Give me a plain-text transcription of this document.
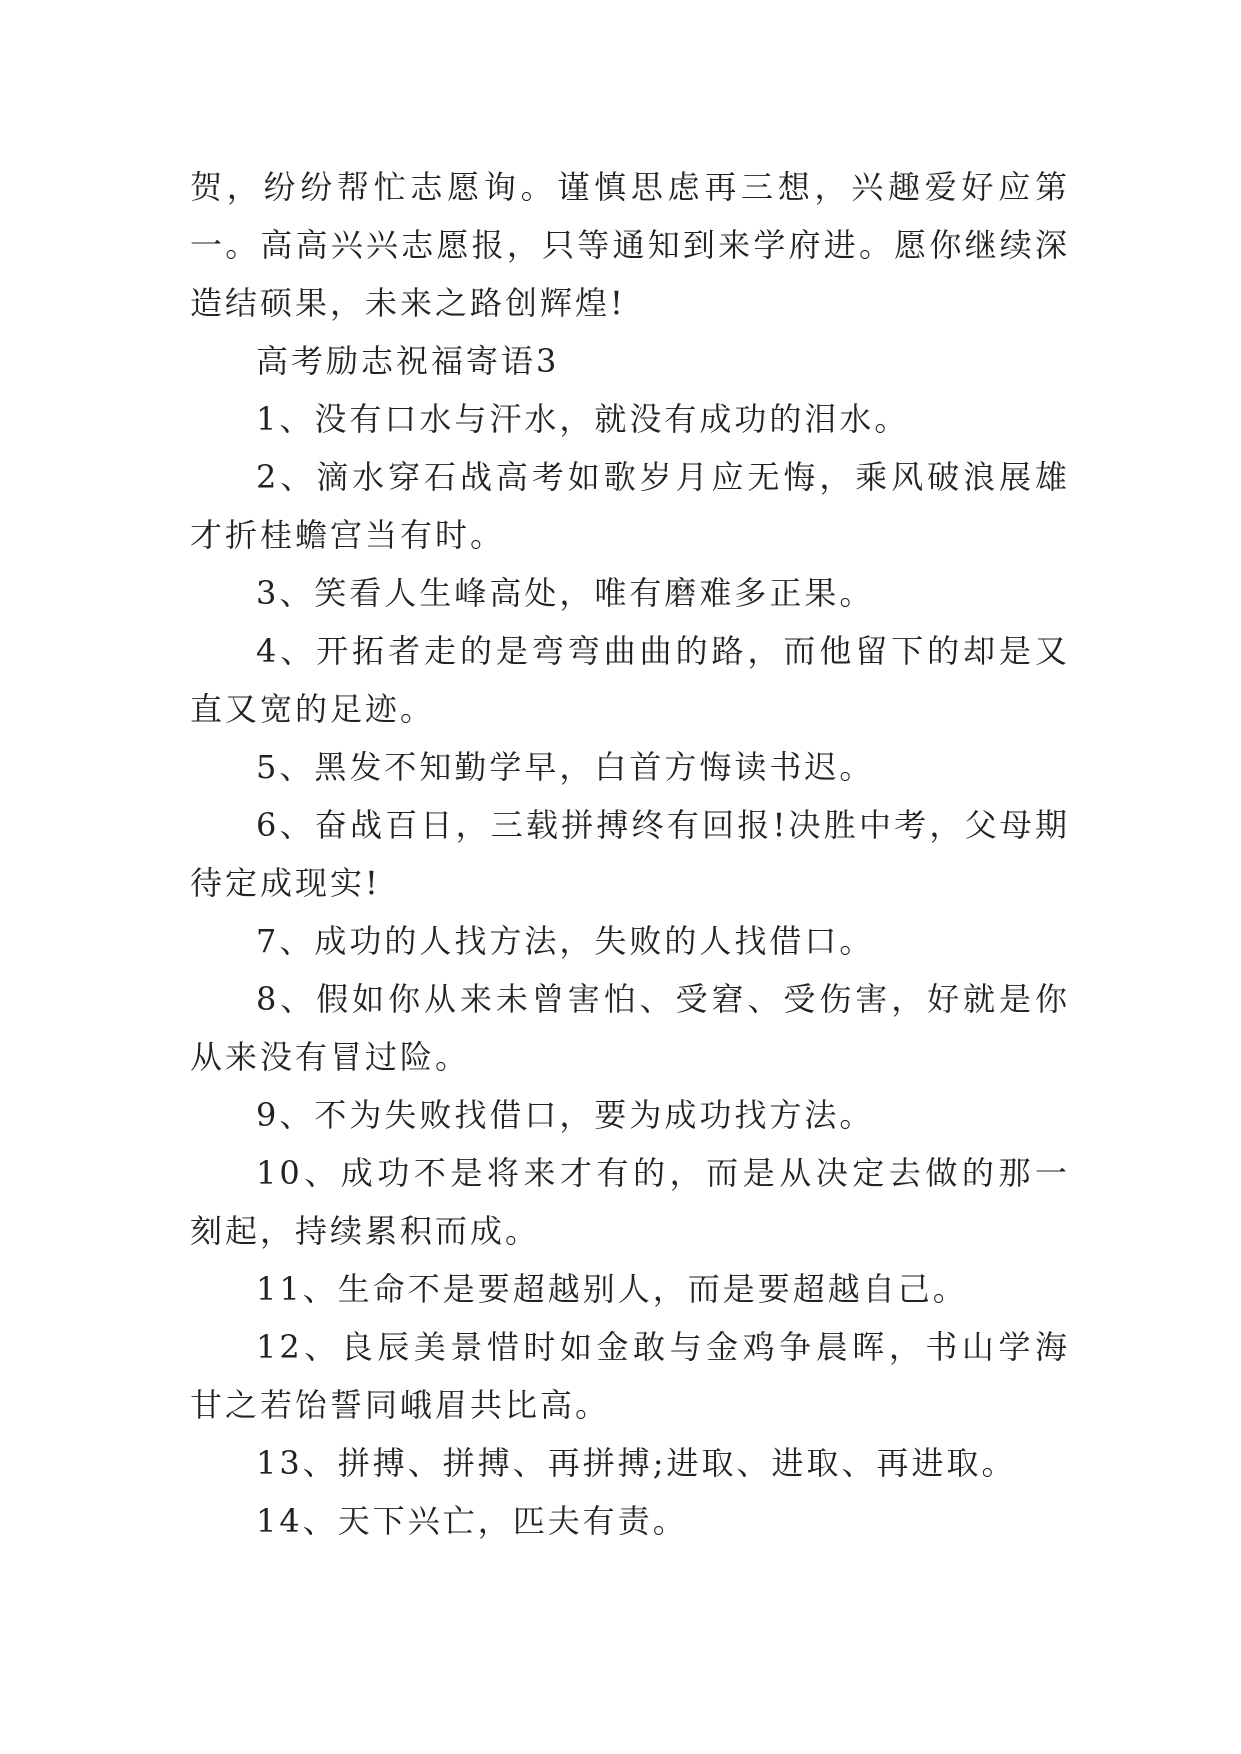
贺，纷纷帮忙志愿询。谨慎思虑再三想，兴趣爱好应第一。高高兴兴志愿报，只等通知到来学府进。愿你继续深造结硕果，未来之路创辉煌!

高考励志祝福寄语3

1、没有口水与汗水，就没有成功的泪水。

2、滴水穿石战高考如歌岁月应无悔，乘风破浪展雄才折桂蟾宫当有时。

3、笑看人生峰高处，唯有磨难多正果。

4、开拓者走的是弯弯曲曲的路，而他留下的却是又直又宽的足迹。

5、黑发不知勤学早，白首方悔读书迟。

6、奋战百日，三载拼搏终有回报!决胜中考，父母期待定成现实!

7、成功的人找方法，失败的人找借口。

8、假如你从来未曾害怕、受窘、受伤害，好就是你从来没有冒过险。

9、不为失败找借口，要为成功找方法。

10、成功不是将来才有的，而是从决定去做的那一刻起，持续累积而成。

11、生命不是要超越别人，而是要超越自己。

12、良辰美景惜时如金敢与金鸡争晨晖，书山学海甘之若饴誓同峨眉共比高。

13、拼搏、拼搏、再拼搏;进取、进取、再进取。

14、天下兴亡，匹夫有责。
